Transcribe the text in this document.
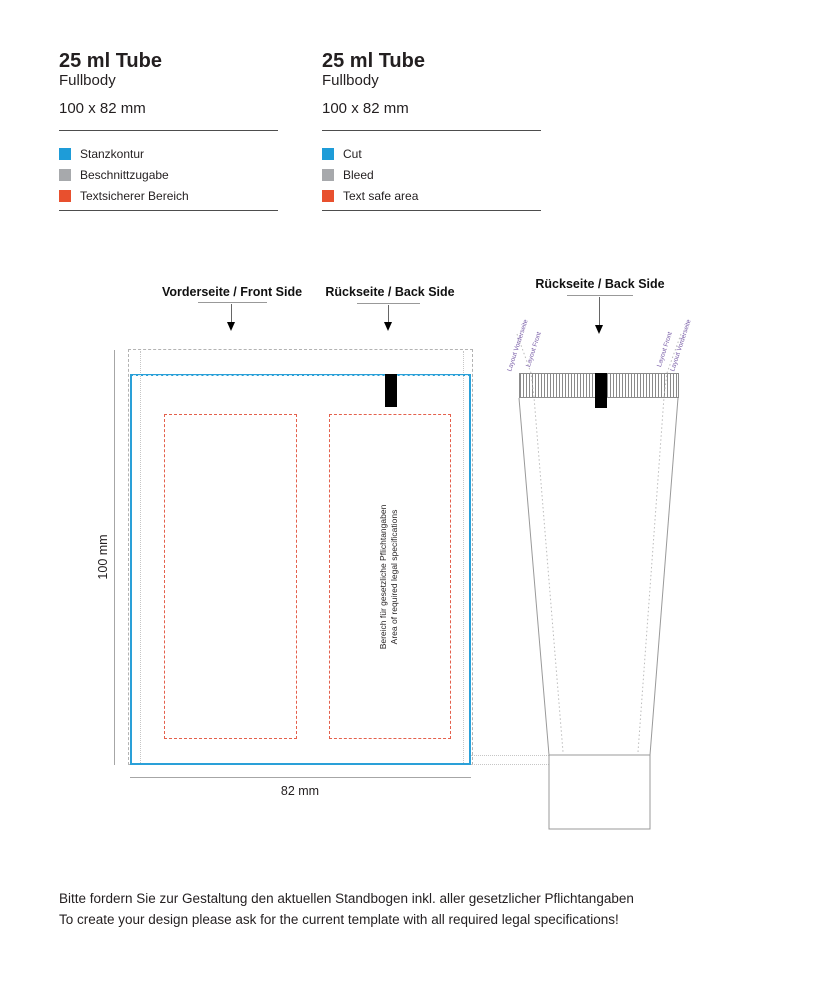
25 ml Tube
Fullbody
100 x 82 mm
Stanzkontur
Beschnittzugabe
Textsicherer Bereich
25 ml Tube
Fullbody
100 x 82 mm
Cut
Bleed
Text safe area
Vorderseite / Front Side	Rückseite / Back Side
Rückseite / Back Side
100 mm
82 mm
Bereich für gesetzliche Pflichtangaben Area of required legal specifications
Layout Vorderseite
Layout Front	Layout Front
Layout Vorderseite
Bitte fordern Sie zur Gestaltung den aktuellen Standbogen inkl. aller gesetzlicher Pflichtangaben
To create your design please ask for the current template with all required legal specifications!
